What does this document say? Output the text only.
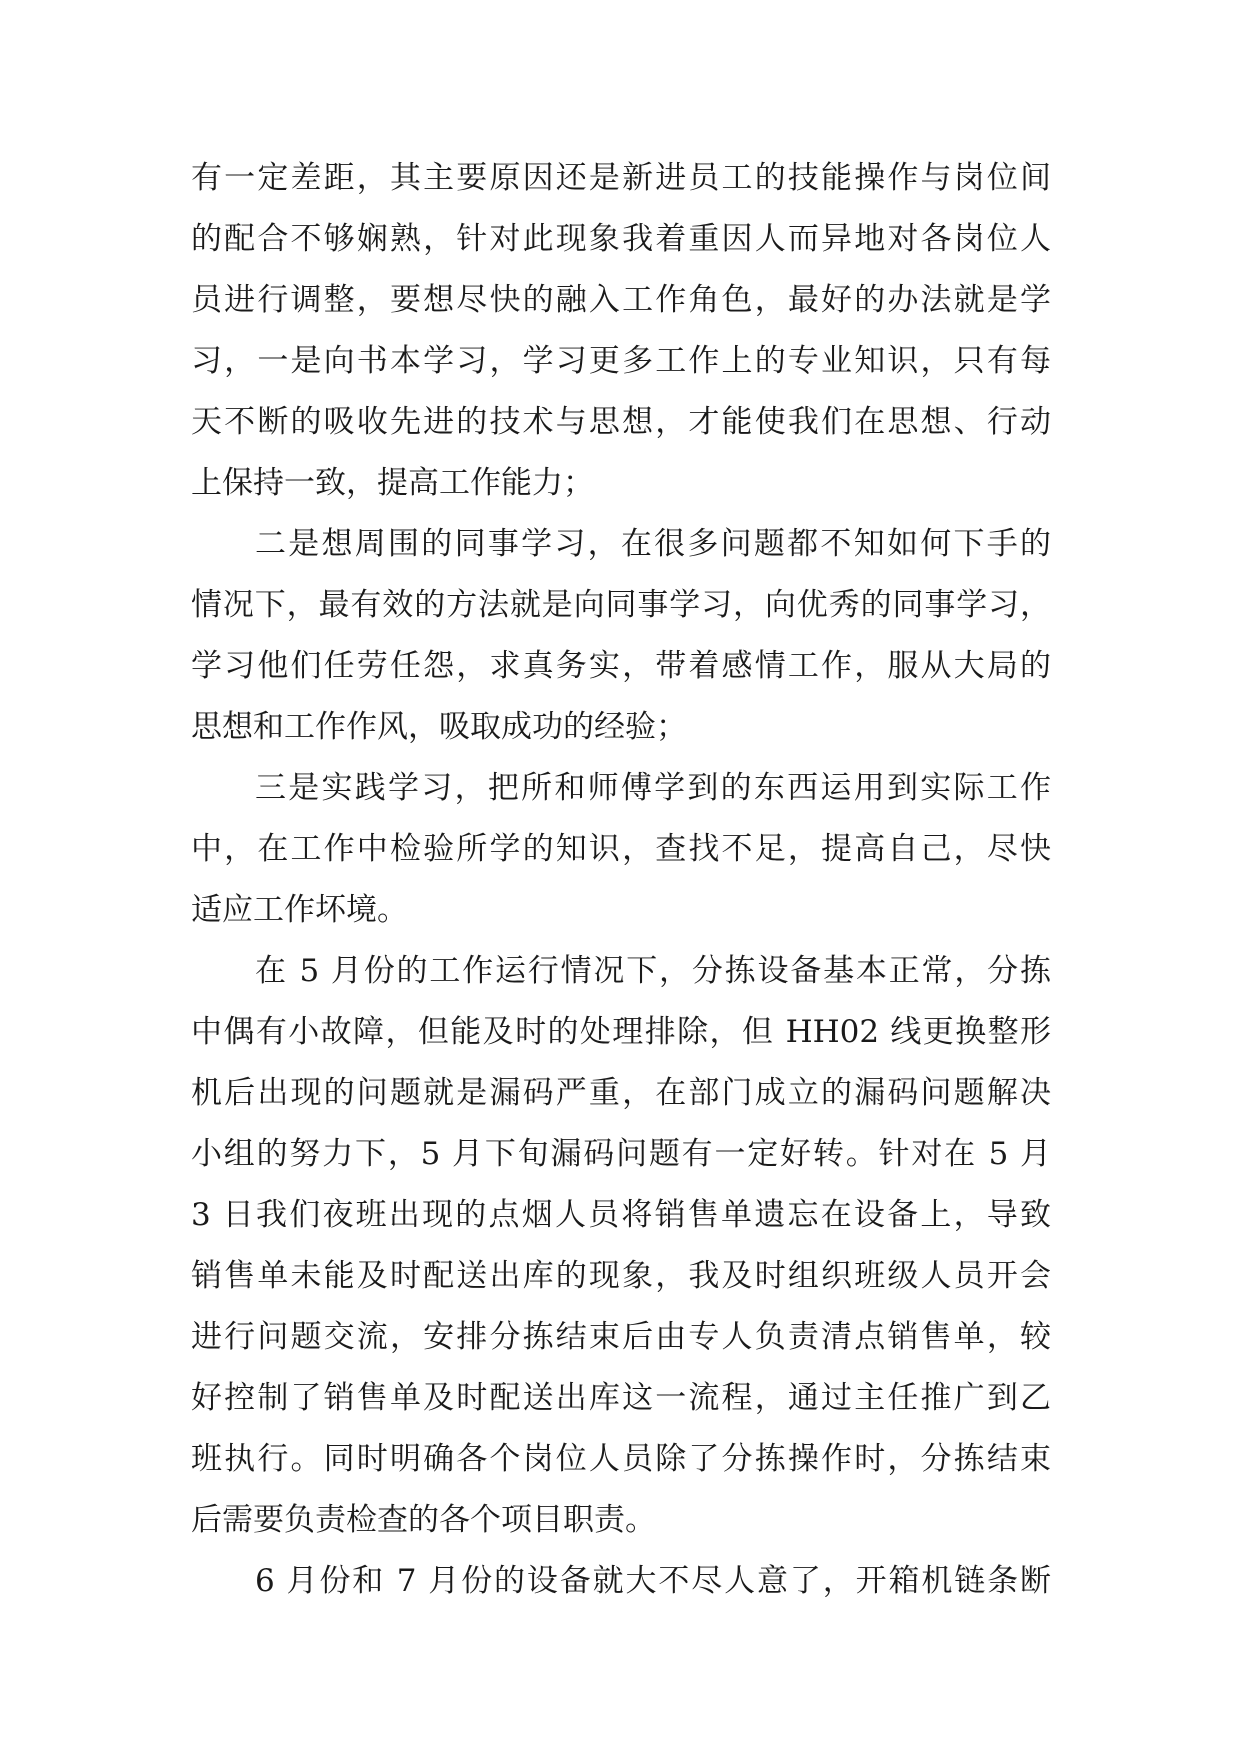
有一定差距，其主要原因还是新进员工的技能操作与岗位间
的配合不够娴熟，针对此现象我着重因人而异地对各岗位人
员进行调整，要想尽快的融入工作角色，最好的办法就是学
习，一是向书本学习，学习更多工作上的专业知识，只有每
天不断的吸收先进的技术与思想，才能使我们在思想、行动
上保持一致，提高工作能力；
二是想周围的同事学习，在很多问题都不知如何下手的
情况下，最有效的方法就是向同事学习，向优秀的同事学习，
学习他们任劳任怨，求真务实，带着感情工作，服从大局的
思想和工作作风，吸取成功的经验；
三是实践学习，把所和师傅学到的东西运用到实际工作
中，在工作中检验所学的知识，查找不足，提高自己，尽快
适应工作坏境。
在 5 月份的工作运行情况下，分拣设备基本正常，分拣
中偶有小故障，但能及时的处理排除，但 HH02 线更换整形
机后出现的问题就是漏码严重，在部门成立的漏码问题解决
小组的努力下，5 月下旬漏码问题有一定好转。针对在 5 月
3 日我们夜班出现的点烟人员将销售单遗忘在设备上，导致
销售单未能及时配送出库的现象，我及时组织班级人员开会
进行问题交流，安排分拣结束后由专人负责清点销售单，较
好控制了销售单及时配送出库这一流程，通过主任推广到乙
班执行。同时明确各个岗位人员除了分拣操作时，分拣结束
后需要负责检查的各个项目职责。
6 月份和 7 月份的设备就大不尽人意了，开箱机链条断
